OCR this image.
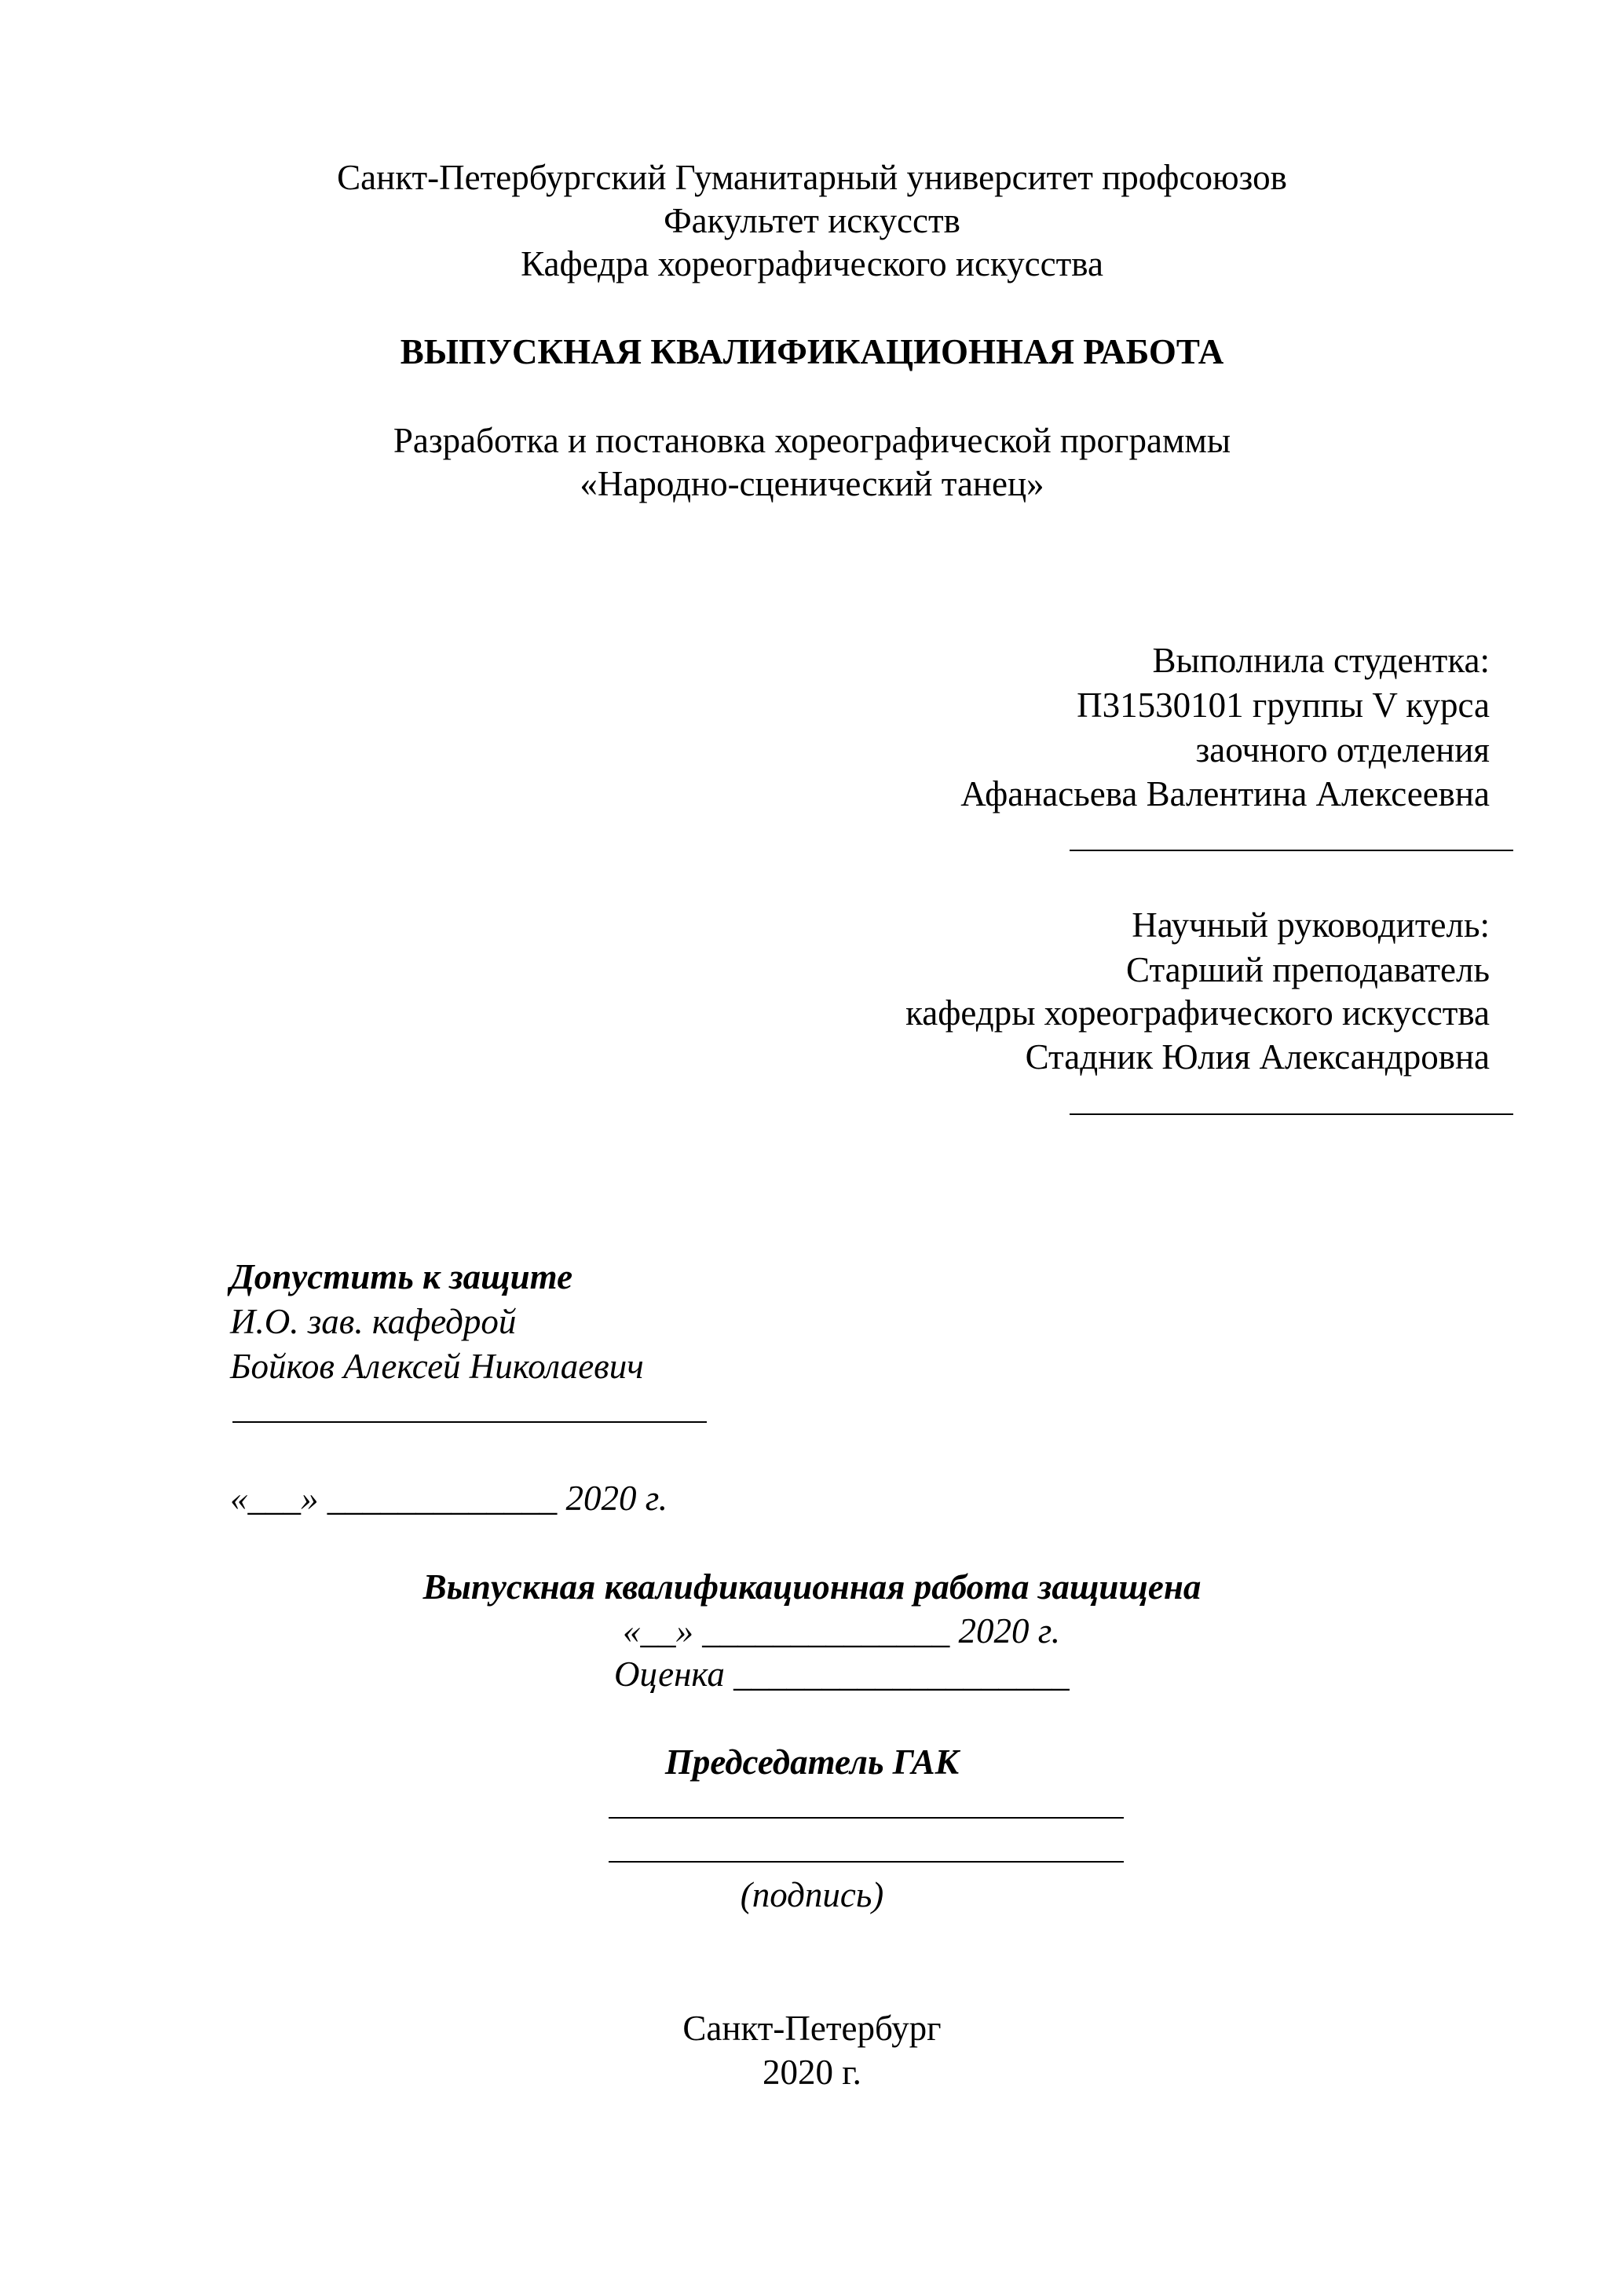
Санкт-Петербургский Гуманитарный университет профсоюзов
Факультет искусств
Кафедра хореографического искусства
ВЫПУСКНАЯ КВАЛИФИКАЦИОННАЯ РАБОТА
Разработка и постановка хореографической программы
«Народно-сценический танец»
Выполнила студентка:
П31530101 группы V курса
заочного отделения
Афанасьева Валентина Алексеевна
Научный руководитель:
Старший преподаватель
кафедры хореографического искусства
Стадник Юлия Александровна
Допустить к защите
И.О. зав. кафедрой
Бойков Алексей Николаевич
«___» _____________ 2020 г.
Выпускная квалификационная работа защищена
«__» ______________ 2020 г.
Оценка ___________________
Председатель ГАК
(подпись)
Санкт-Петербург
2020 г.
